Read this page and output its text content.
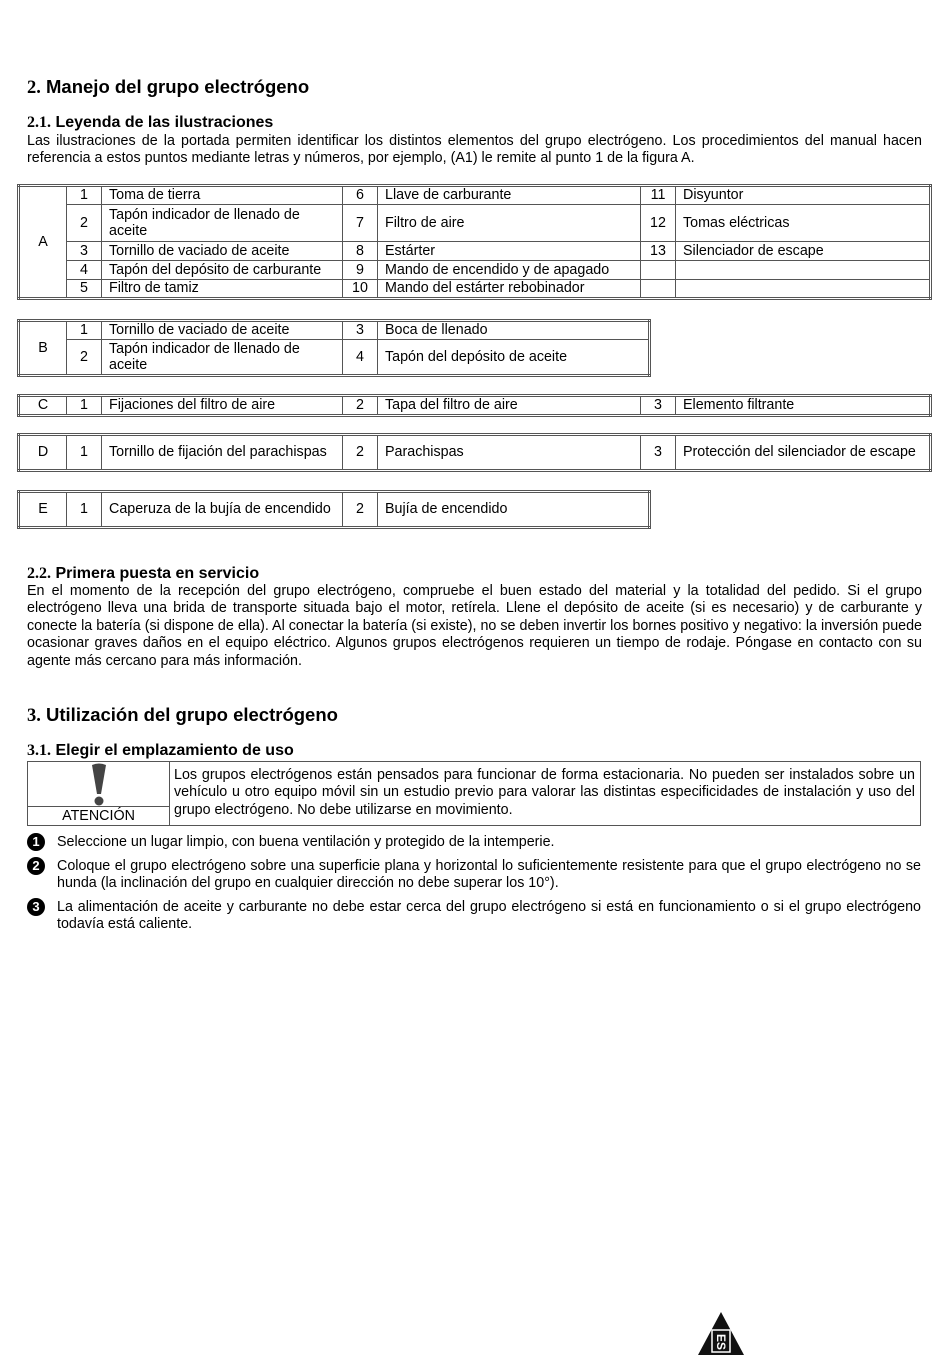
2. Manejo del grupo electrógeno
2.1. Leyenda de las ilustraciones
Las ilustraciones de la portada permiten identificar los distintos elementos del grupo electrógeno. Los procedimientos del manual hacen referencia a estos puntos mediante letras y números, por ejemplo, (A1) le remite al punto 1 de la figura A.
A	1	Toma de tierra	6	Llave de carburante	11	Disyuntor
	2	Tapón indicador de llenado de aceite	7	Filtro de aire	12	Tomas eléctricas
	3	Tornillo de vaciado de aceite	8	Estárter	13	Silenciador de escape
	4	Tapón del depósito de carburante	9	Mando de encendido y de apagado		
	5	Filtro de tamiz	10	Mando del estárter rebobinador		
B	1	Tornillo de vaciado de aceite	3	Boca de llenado
	2	Tapón indicador de llenado de aceite	4	Tapón del depósito de aceite
C	1	Fijaciones del filtro de aire	2	Tapa del filtro de aire	3	Elemento filtrante
D	1	Tornillo de fijación del parachispas	2	Parachispas	3	Protección del silenciador de escape
E	1	Caperuza de la bujía de encendido	2	Bujía de encendido
2.2. Primera puesta en servicio
En el momento de la recepción del grupo electrógeno, compruebe el buen estado del material y la totalidad del pedido. Si el grupo electrógeno lleva una brida de transporte situada bajo el motor, retírela. Llene el depósito de aceite (si es necesario) y de carburante y conecte la batería (si dispone de ella). Al conectar la batería (si existe), no se deben invertir los bornes positivo y negativo: la inversión puede ocasionar graves daños en el equipo eléctrico. Algunos grupos electrógenos requieren un tiempo de rodaje. Póngase en contacto con su agente más cercano para más información.
3. Utilización del grupo electrógeno
3.1. Elegir el emplazamiento de uso
ATENCIÓN
Los grupos electrógenos están pensados para funcionar de forma estacionaria. No pueden ser instalados sobre un vehículo u otro equipo móvil sin un estudio previo para valorar las distintas especificidades de instalación y uso del grupo electrógeno. No debe utilizarse en movimiento.
1	Seleccione un lugar limpio, con buena ventilación y protegido de la intemperie.
2	Coloque el grupo electrógeno sobre una superficie plana y horizontal lo suficientemente resistente para que el grupo electrógeno no se hunda (la inclinación del grupo en cualquier dirección no debe superar los 10°).
3	La alimentación de aceite y carburante no debe estar cerca del grupo electrógeno si está en funcionamiento o si el grupo electrógeno todavía está caliente.
ES
